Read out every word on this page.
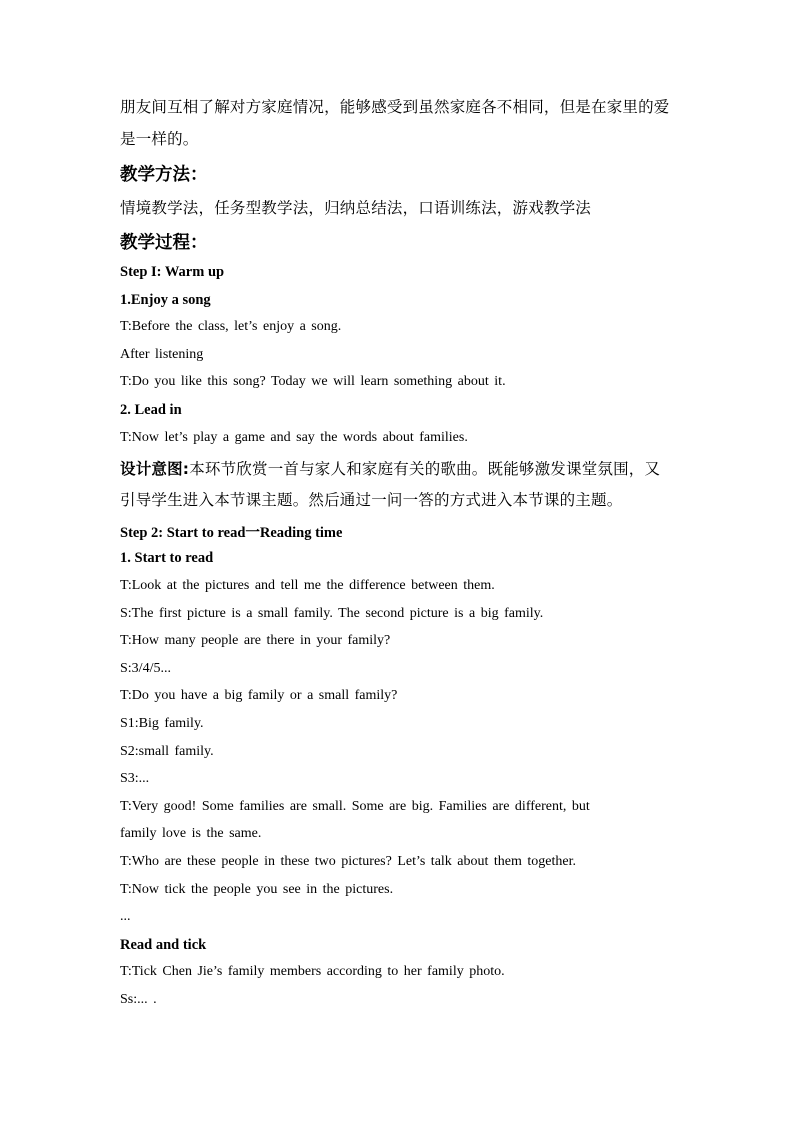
朋友间互相了解对方家庭情况，能够感受到虽然家庭各不相同，但是在家里的爱
是一样的。
教学方法：
情境教学法，任务型教学法，归纳总结法，口语训练法，游戏教学法
教学过程：
Step I: Warm up
1.Enjoy a song
T:Before the class, let’s enjoy a song.
After listening
T:Do you like this song? Today we will learn something about it.
2. Lead in
T:Now let’s play a game and say the words about families.
设计意图:本环节欣赏一首与家人和家庭有关的歌曲。既能够激发课堂氛围，又
引导学生进入本节课主题。然后通过一问一答的方式进入本节课的主题。
Step 2: Start to read一Reading time
1. Start to read
T:Look at the pictures and tell me the difference between them.
S:The first picture is a small family. The second picture is a big family.
T:How many people are there in your family?
S:3/4/5...
T:Do you have a big family or a small family?
S1:Big family.
S2:small family.
S3:...
T:Very good! Some families are small. Some are big. Families are different, but
family love is the same.
T:Who are these people in these two pictures? Let’s talk about them together.
T:Now tick the people you see in the pictures.
...
Read and tick
T:Tick Chen Jie’s family members according to her family photo.
Ss:... .
